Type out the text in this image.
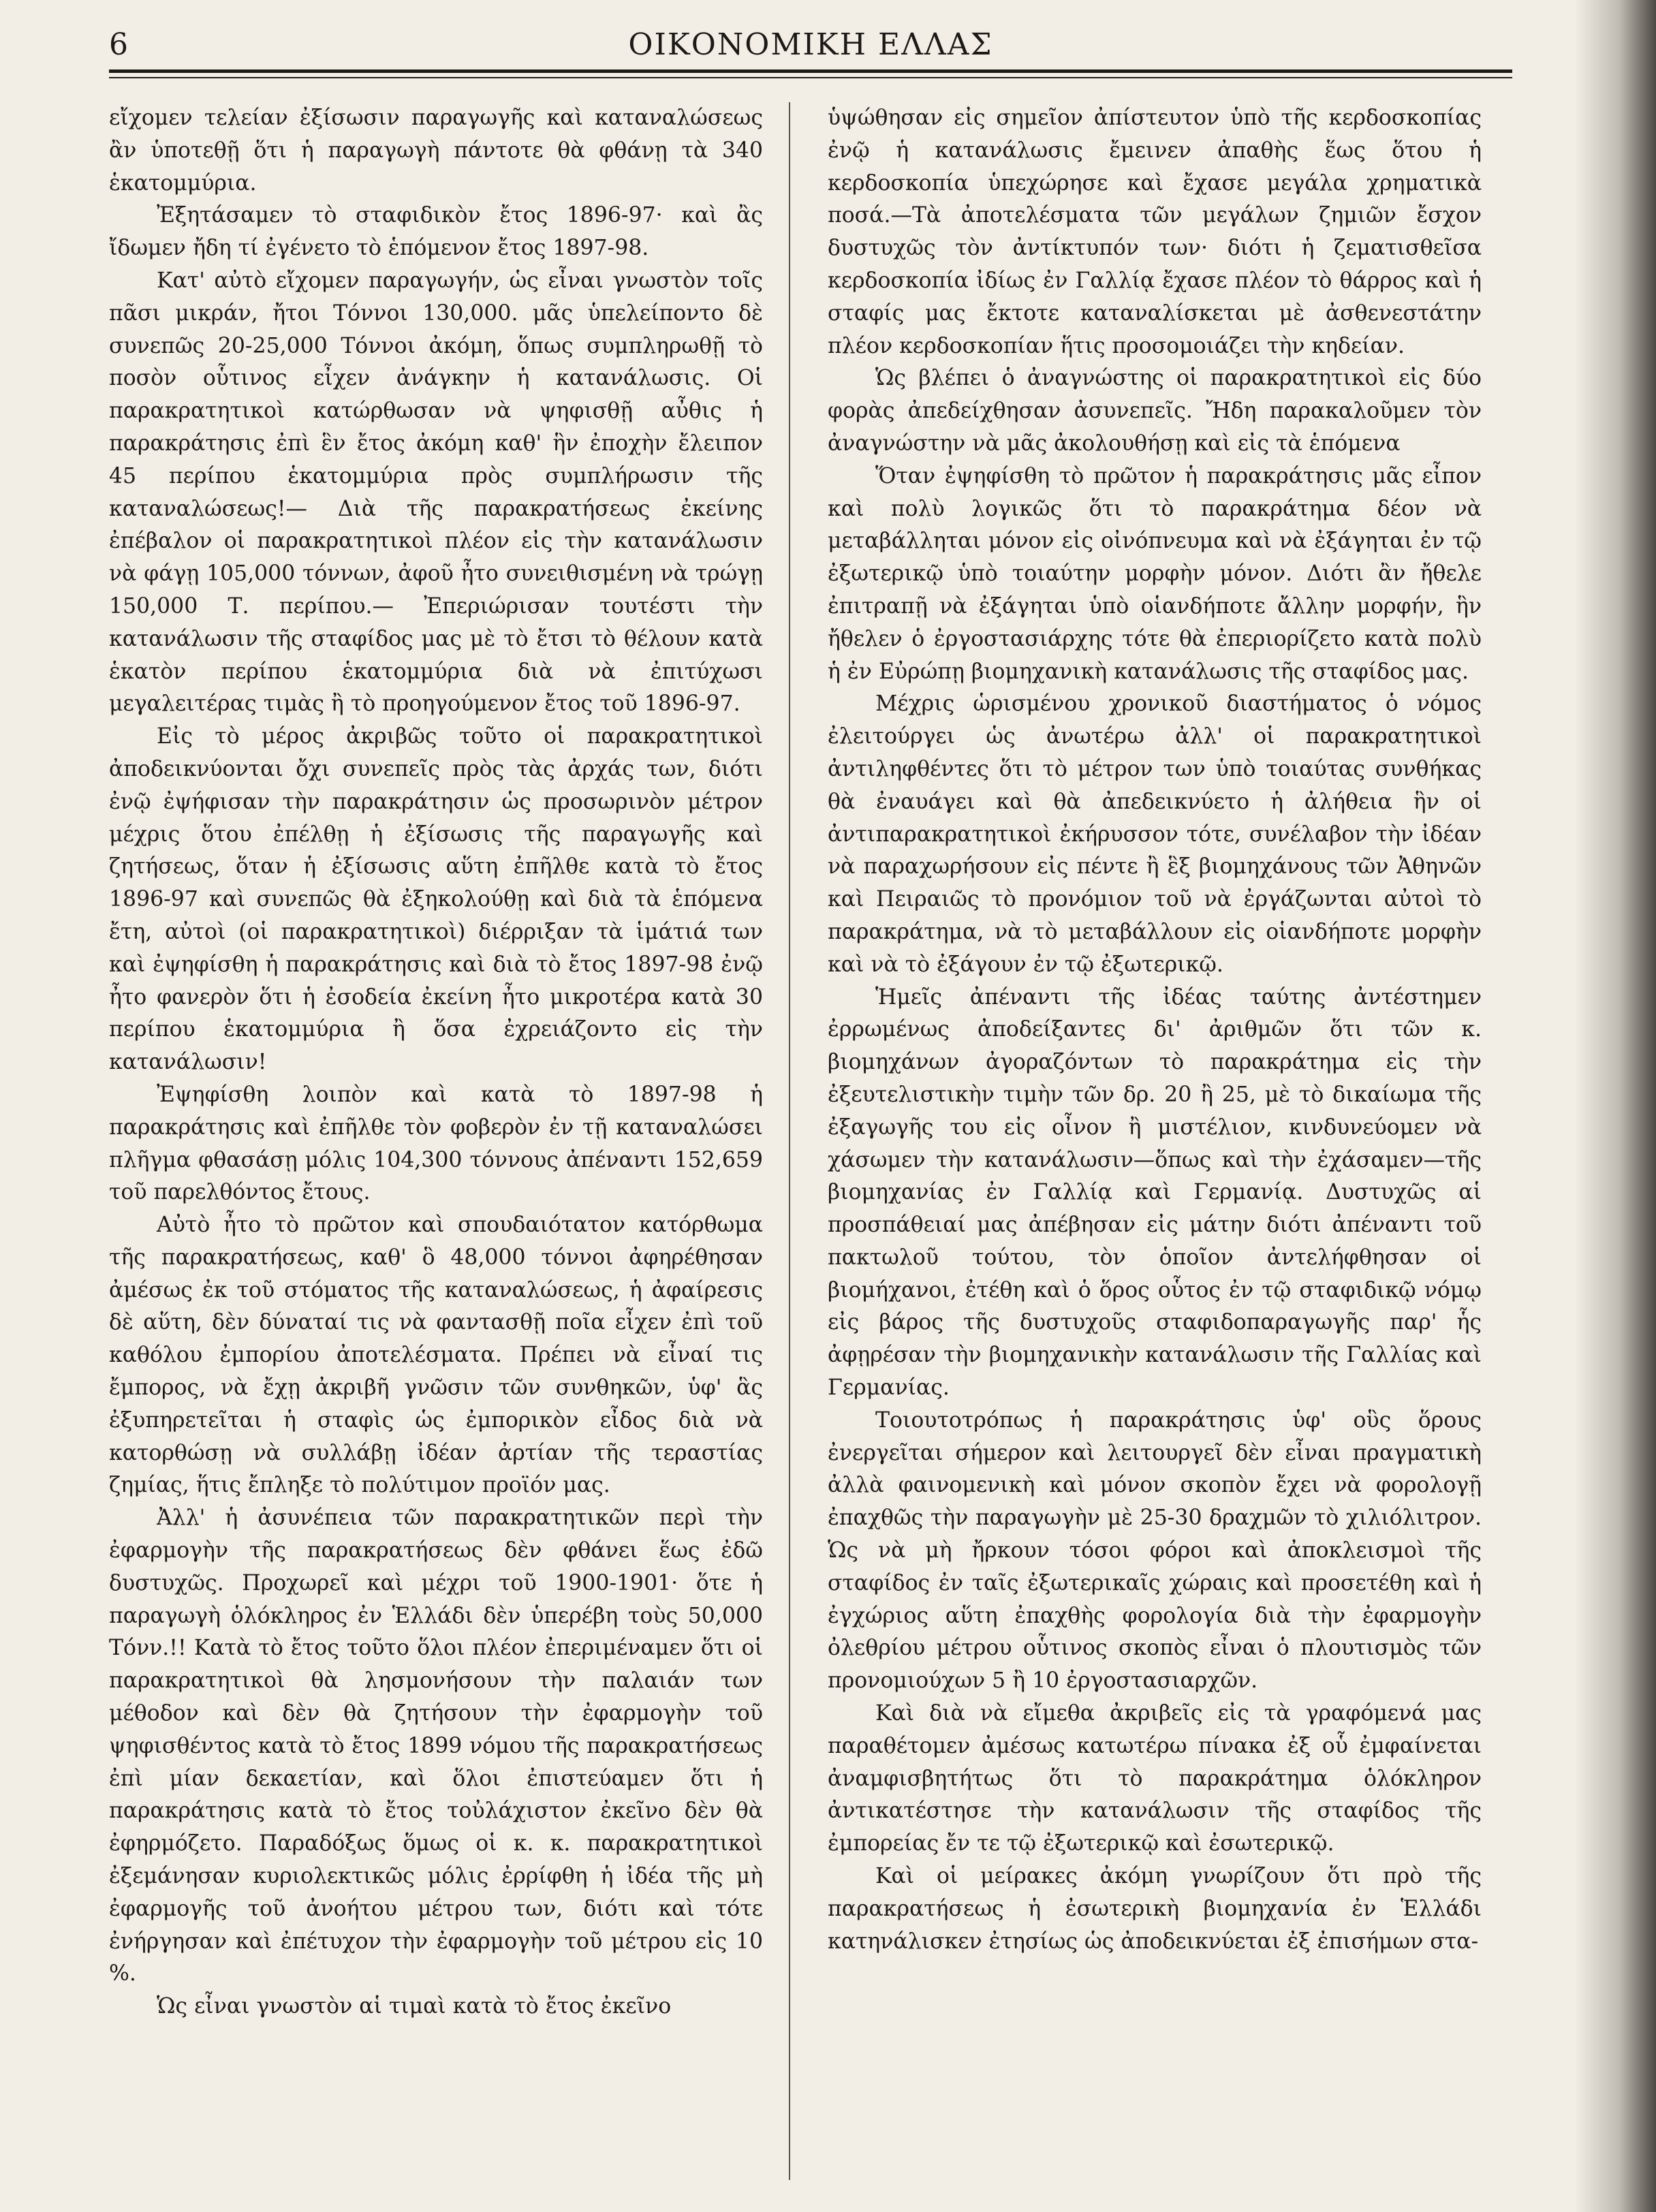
6	ΟΙΚΟΝΟΜΙΚΗ ΕΛΛΑΣ

εἴχομεν τελείαν ἐξίσωσιν παραγωγῆς καὶ καταναλώσεως ἂν ὑποτεθῇ ὅτι ἡ παραγωγὴ πάντοτε θὰ φθάνῃ τὰ 340 ἑκατομμύρια.

Ἐξητάσαμεν τὸ σταφιδικὸν ἔτος 1896-97· καὶ ἂς ἴδωμεν ἤδη τί ἐγένετο τὸ ἑπόμενον ἔτος 1897-98.

Κατ' αὐτὸ εἴχομεν παραγωγήν, ὡς εἶναι γνωστὸν τοῖς πᾶσι μικράν, ἤτοι Τόννοι 130,000. μᾶς ὑπελείποντο δὲ συνεπῶς 20-25,000 Τόννοι ἀκόμη, ὅπως συμπληρωθῇ τὸ ποσὸν οὗτινος εἶχεν ἀνάγκην ἡ κατανάλωσις. Οἱ παρακρατητικοὶ κατώρθωσαν νὰ ψηφισθῇ αὖθις ἡ παρακράτησις ἐπὶ ἓν ἔτος ἀκόμη καθ' ἣν ἐποχὴν ἔλειπον 45 περίπου ἑκατομμύρια πρὸς συμπλήρωσιν τῆς καταναλώσεως!— Διὰ τῆς παρακρατήσεως ἐκείνης ἐπέβαλον οἱ παρακρατητικοὶ πλέον εἰς τὴν κατανάλωσιν νὰ φάγῃ 105,000 τόννων, ἀφοῦ ἦτο συνειθισμένη νὰ τρώγῃ 150,000 Τ. περίπου.— Ἐπεριώρισαν τουτέστι τὴν κατανάλωσιν τῆς σταφίδος μας μὲ τὸ ἔτσι τὸ θέλουν κατὰ ἑκατὸν περίπου ἑκατομμύρια διὰ νὰ ἐπιτύχωσι μεγαλειτέρας τιμὰς ἢ τὸ προηγούμενον ἔτος τοῦ 1896-97.

Εἰς τὸ μέρος ἀκριβῶς τοῦτο οἱ παρακρατητικοὶ ἀποδεικνύονται ὄχι συνεπεῖς πρὸς τὰς ἀρχάς των, διότι ἐνῷ ἐψήφισαν τὴν παρακράτησιν ὡς προσωρινὸν μέτρον μέχρις ὅτου ἐπέλθῃ ἡ ἐξίσωσις τῆς παραγωγῆς καὶ ζητήσεως, ὅταν ἡ ἐξίσωσις αὕτη ἐπῆλθε κατὰ τὸ ἔτος 1896-97 καὶ συνεπῶς θὰ ἐξηκολούθῃ καὶ διὰ τὰ ἑπόμενα ἔτη, αὐτοὶ (οἱ παρακρατητικοὶ) διέρριξαν τὰ ἱμάτιά των καὶ ἐψηφίσθη ἡ παρακράτησις καὶ διὰ τὸ ἔτος 1897-98 ἐνῷ ἦτο φανερὸν ὅτι ἡ ἐσοδεία ἐκείνη ἦτο μικροτέρα κατὰ 30 περίπου ἑκατομμύρια ἢ ὅσα ἐχρειάζοντο εἰς τὴν κατανάλωσιν!

Ἐψηφίσθη λοιπὸν καὶ κατὰ τὸ 1897-98 ἡ παρακράτησις καὶ ἐπῆλθε τὸν φοβερὸν ἐν τῇ καταναλώσει πλῆγμα φθασάσῃ μόλις 104,300 τόννους ἀπέναντι 152,659 τοῦ παρελθόντος ἔτους.

Αὐτὸ ἦτο τὸ πρῶτον καὶ σπουδαιότατον κατόρθωμα τῆς παρακρατήσεως, καθ' ὃ 48,000 τόννοι ἀφηρέθησαν ἀμέσως ἐκ τοῦ στόματος τῆς καταναλώσεως, ἡ ἀφαίρεσις δὲ αὕτη, δὲν δύναταί τις νὰ φαντασθῇ ποῖα εἶχεν ἐπὶ τοῦ καθόλου ἐμπορίου ἀποτελέσματα. Πρέπει νὰ εἶναί τις ἔμπορος, νὰ ἔχῃ ἀκριβῆ γνῶσιν τῶν συνθηκῶν, ὑφ' ἃς ἐξυπηρετεῖται ἡ σταφὶς ὡς ἐμπορικὸν εἶδος διὰ νὰ κατορθώσῃ νὰ συλλάβῃ ἰδέαν ἀρτίαν τῆς τεραστίας ζημίας, ἥτις ἔπληξε τὸ πολύτιμον προϊόν μας.

Ἀλλ' ἡ ἀσυνέπεια τῶν παρακρατητικῶν περὶ τὴν ἐφαρμογὴν τῆς παρακρατήσεως δὲν φθάνει ἕως ἐδῶ δυστυχῶς. Προχωρεῖ καὶ μέχρι τοῦ 1900-1901· ὅτε ἡ παραγωγὴ ὁλόκληρος ἐν Ἑλλάδι δὲν ὑπερέβη τοὺς 50,000 Τόνν.!! Κατὰ τὸ ἔτος τοῦτο ὅλοι πλέον ἐπεριμέναμεν ὅτι οἱ παρακρατητικοὶ θὰ λησμονήσουν τὴν παλαιάν των μέθοδον καὶ δὲν θὰ ζητήσουν τὴν ἐφαρμογὴν τοῦ ψηφισθέντος κατὰ τὸ ἔτος 1899 νόμου τῆς παρακρατήσεως ἐπὶ μίαν δεκαετίαν, καὶ ὅλοι ἐπιστεύαμεν ὅτι ἡ παρακράτησις κατὰ τὸ ἔτος τοὐλάχιστον ἐκεῖνο δὲν θὰ ἐφηρμόζετο. Παραδόξως ὅμως οἱ κ. κ. παρακρατητικοὶ ἐξεμάνησαν κυριολεκτικῶς μόλις ἐρρίφθη ἡ ἰδέα τῆς μὴ ἐφαρμογῆς τοῦ ἀνοήτου μέτρου των, διότι καὶ τότε ἐνήργησαν καὶ ἐπέτυχον τὴν ἐφαρμογὴν τοῦ μέτρου εἰς 10 %.

Ὡς εἶναι γνωστὸν αἱ τιμαὶ κατὰ τὸ ἔτος ἐκεῖνο

ὑψώθησαν εἰς σημεῖον ἀπίστευτον ὑπὸ τῆς κερδοσκοπίας ἐνῷ ἡ κατανάλωσις ἔμεινεν ἀπαθὴς ἕως ὅτου ἡ κερδοσκοπία ὑπεχώρησε καὶ ἔχασε μεγάλα χρηματικὰ ποσά.—Τὰ ἀποτελέσματα τῶν μεγάλων ζημιῶν ἔσχον δυστυχῶς τὸν ἀντίκτυπόν των· διότι ἡ ζεματισθεῖσα κερδοσκοπία ἰδίως ἐν Γαλλίᾳ ἔχασε πλέον τὸ θάρρος καὶ ἡ σταφίς μας ἔκτοτε καταναλίσκεται μὲ ἀσθενεστάτην πλέον κερδοσκοπίαν ἥτις προσομοιάζει τὴν κηδείαν.

Ὡς βλέπει ὁ ἀναγνώστης οἱ παρακρατητικοὶ εἰς δύο φορὰς ἀπεδείχθησαν ἀσυνεπεῖς. Ἤδη παρακαλοῦμεν τὸν ἀναγνώστην νὰ μᾶς ἀκολουθήσῃ καὶ εἰς τὰ ἑπόμενα

Ὅταν ἐψηφίσθη τὸ πρῶτον ἡ παρακράτησις μᾶς εἶπον καὶ πολὺ λογικῶς ὅτι τὸ παρακράτημα δέον νὰ μεταβάλληται μόνον εἰς οἰνόπνευμα καὶ νὰ ἐξάγηται ἐν τῷ ἐξωτερικῷ ὑπὸ τοιαύτην μορφὴν μόνον. Διότι ἂν ἤθελε ἐπιτραπῇ νὰ ἐξάγηται ὑπὸ οἱανδήποτε ἄλλην μορφήν, ἣν ἤθελεν ὁ ἐργοστασιάρχης τότε θὰ ἐπεριορίζετο κατὰ πολὺ ἡ ἐν Εὐρώπῃ βιομηχανικὴ κατανάλωσις τῆς σταφίδος μας.

Μέχρις ὡρισμένου χρονικοῦ διαστήματος ὁ νόμος ἐλειτούργει ὡς ἀνωτέρω ἀλλ' οἱ παρακρατητικοὶ ἀντιληφθέντες ὅτι τὸ μέτρον των ὑπὸ τοιαύτας συνθήκας θὰ ἐναυάγει καὶ θὰ ἀπεδεικνύετο ἡ ἀλήθεια ἣν οἱ ἀντιπαρακρατητικοὶ ἐκήρυσσον τότε, συνέλαβον τὴν ἰδέαν νὰ παραχωρήσουν εἰς πέντε ἢ ἓξ βιομηχάνους τῶν Ἀθηνῶν καὶ Πειραιῶς τὸ προνόμιον τοῦ νὰ ἐργάζωνται αὐτοὶ τὸ παρακράτημα, νὰ τὸ μεταβάλλουν εἰς οἱανδήποτε μορφὴν καὶ νὰ τὸ ἐξάγουν ἐν τῷ ἐξωτερικῷ.

Ἡμεῖς ἀπέναντι τῆς ἰδέας ταύτης ἀντέστημεν ἐρρωμένως ἀποδείξαντες δι' ἀριθμῶν ὅτι τῶν κ. βιομηχάνων ἀγοραζόντων τὸ παρακράτημα εἰς τὴν ἐξευτελιστικὴν τιμὴν τῶν δρ. 20 ἢ 25, μὲ τὸ δικαίωμα τῆς ἐξαγωγῆς του εἰς οἶνον ἢ μιστέλιον, κινδυνεύομεν νὰ χάσωμεν τὴν κατανάλωσιν—ὅπως καὶ τὴν ἐχάσαμεν—τῆς βιομηχανίας ἐν Γαλλίᾳ καὶ Γερμανίᾳ. Δυστυχῶς αἱ προσπάθειαί μας ἀπέβησαν εἰς μάτην διότι ἀπέναντι τοῦ πακτωλοῦ τούτου, τὸν ὁποῖον ἀντελήφθησαν οἱ βιομήχανοι, ἐτέθη καὶ ὁ ὅρος οὗτος ἐν τῷ σταφιδικῷ νόμῳ εἰς βάρος τῆς δυστυχοῦς σταφιδοπαραγωγῆς παρ' ἧς ἀφῃρέσαν τὴν βιομηχανικὴν κατανάλωσιν τῆς Γαλλίας καὶ Γερμανίας.

Τοιουτοτρόπως ἡ παρακράτησις ὑφ' οὓς ὅρους ἐνεργεῖται σήμερον καὶ λειτουργεῖ δὲν εἶναι πραγματικὴ ἀλλὰ φαινομενικὴ καὶ μόνον σκοπὸν ἔχει νὰ φορολογῇ ἐπαχθῶς τὴν παραγωγὴν μὲ 25-30 δραχμῶν τὸ χιλιόλιτρον. Ὡς νὰ μὴ ἤρκουν τόσοι φόροι καὶ ἀποκλεισμοὶ τῆς σταφίδος ἐν ταῖς ἐξωτερικαῖς χώραις καὶ προσετέθη καὶ ἡ ἐγχώριος αὕτη ἐπαχθὴς φορολογία διὰ τὴν ἐφαρμογὴν ὀλεθρίου μέτρου οὗτινος σκοπὸς εἶναι ὁ πλουτισμὸς τῶν προνομιούχων 5 ἢ 10 ἐργοστασιαρχῶν.

Καὶ διὰ νὰ εἴμεθα ἀκριβεῖς εἰς τὰ γραφόμενά μας παραθέτομεν ἀμέσως κατωτέρω πίνακα ἐξ οὗ ἐμφαίνεται ἀναμφισβητήτως ὅτι τὸ παρακράτημα ὁλόκληρον ἀντικατέστησε τὴν κατανάλωσιν τῆς σταφίδος τῆς ἐμπορείας ἔν τε τῷ ἐξωτερικῷ καὶ ἐσωτερικῷ.

Καὶ οἱ μείρακες ἀκόμη γνωρίζουν ὅτι πρὸ τῆς παρακρατήσεως ἡ ἐσωτερικὴ βιομηχανία ἐν Ἑλλάδι κατηνάλισκεν ἐτησίως ὡς ἀποδεικνύεται ἐξ ἐπισήμων στα-
